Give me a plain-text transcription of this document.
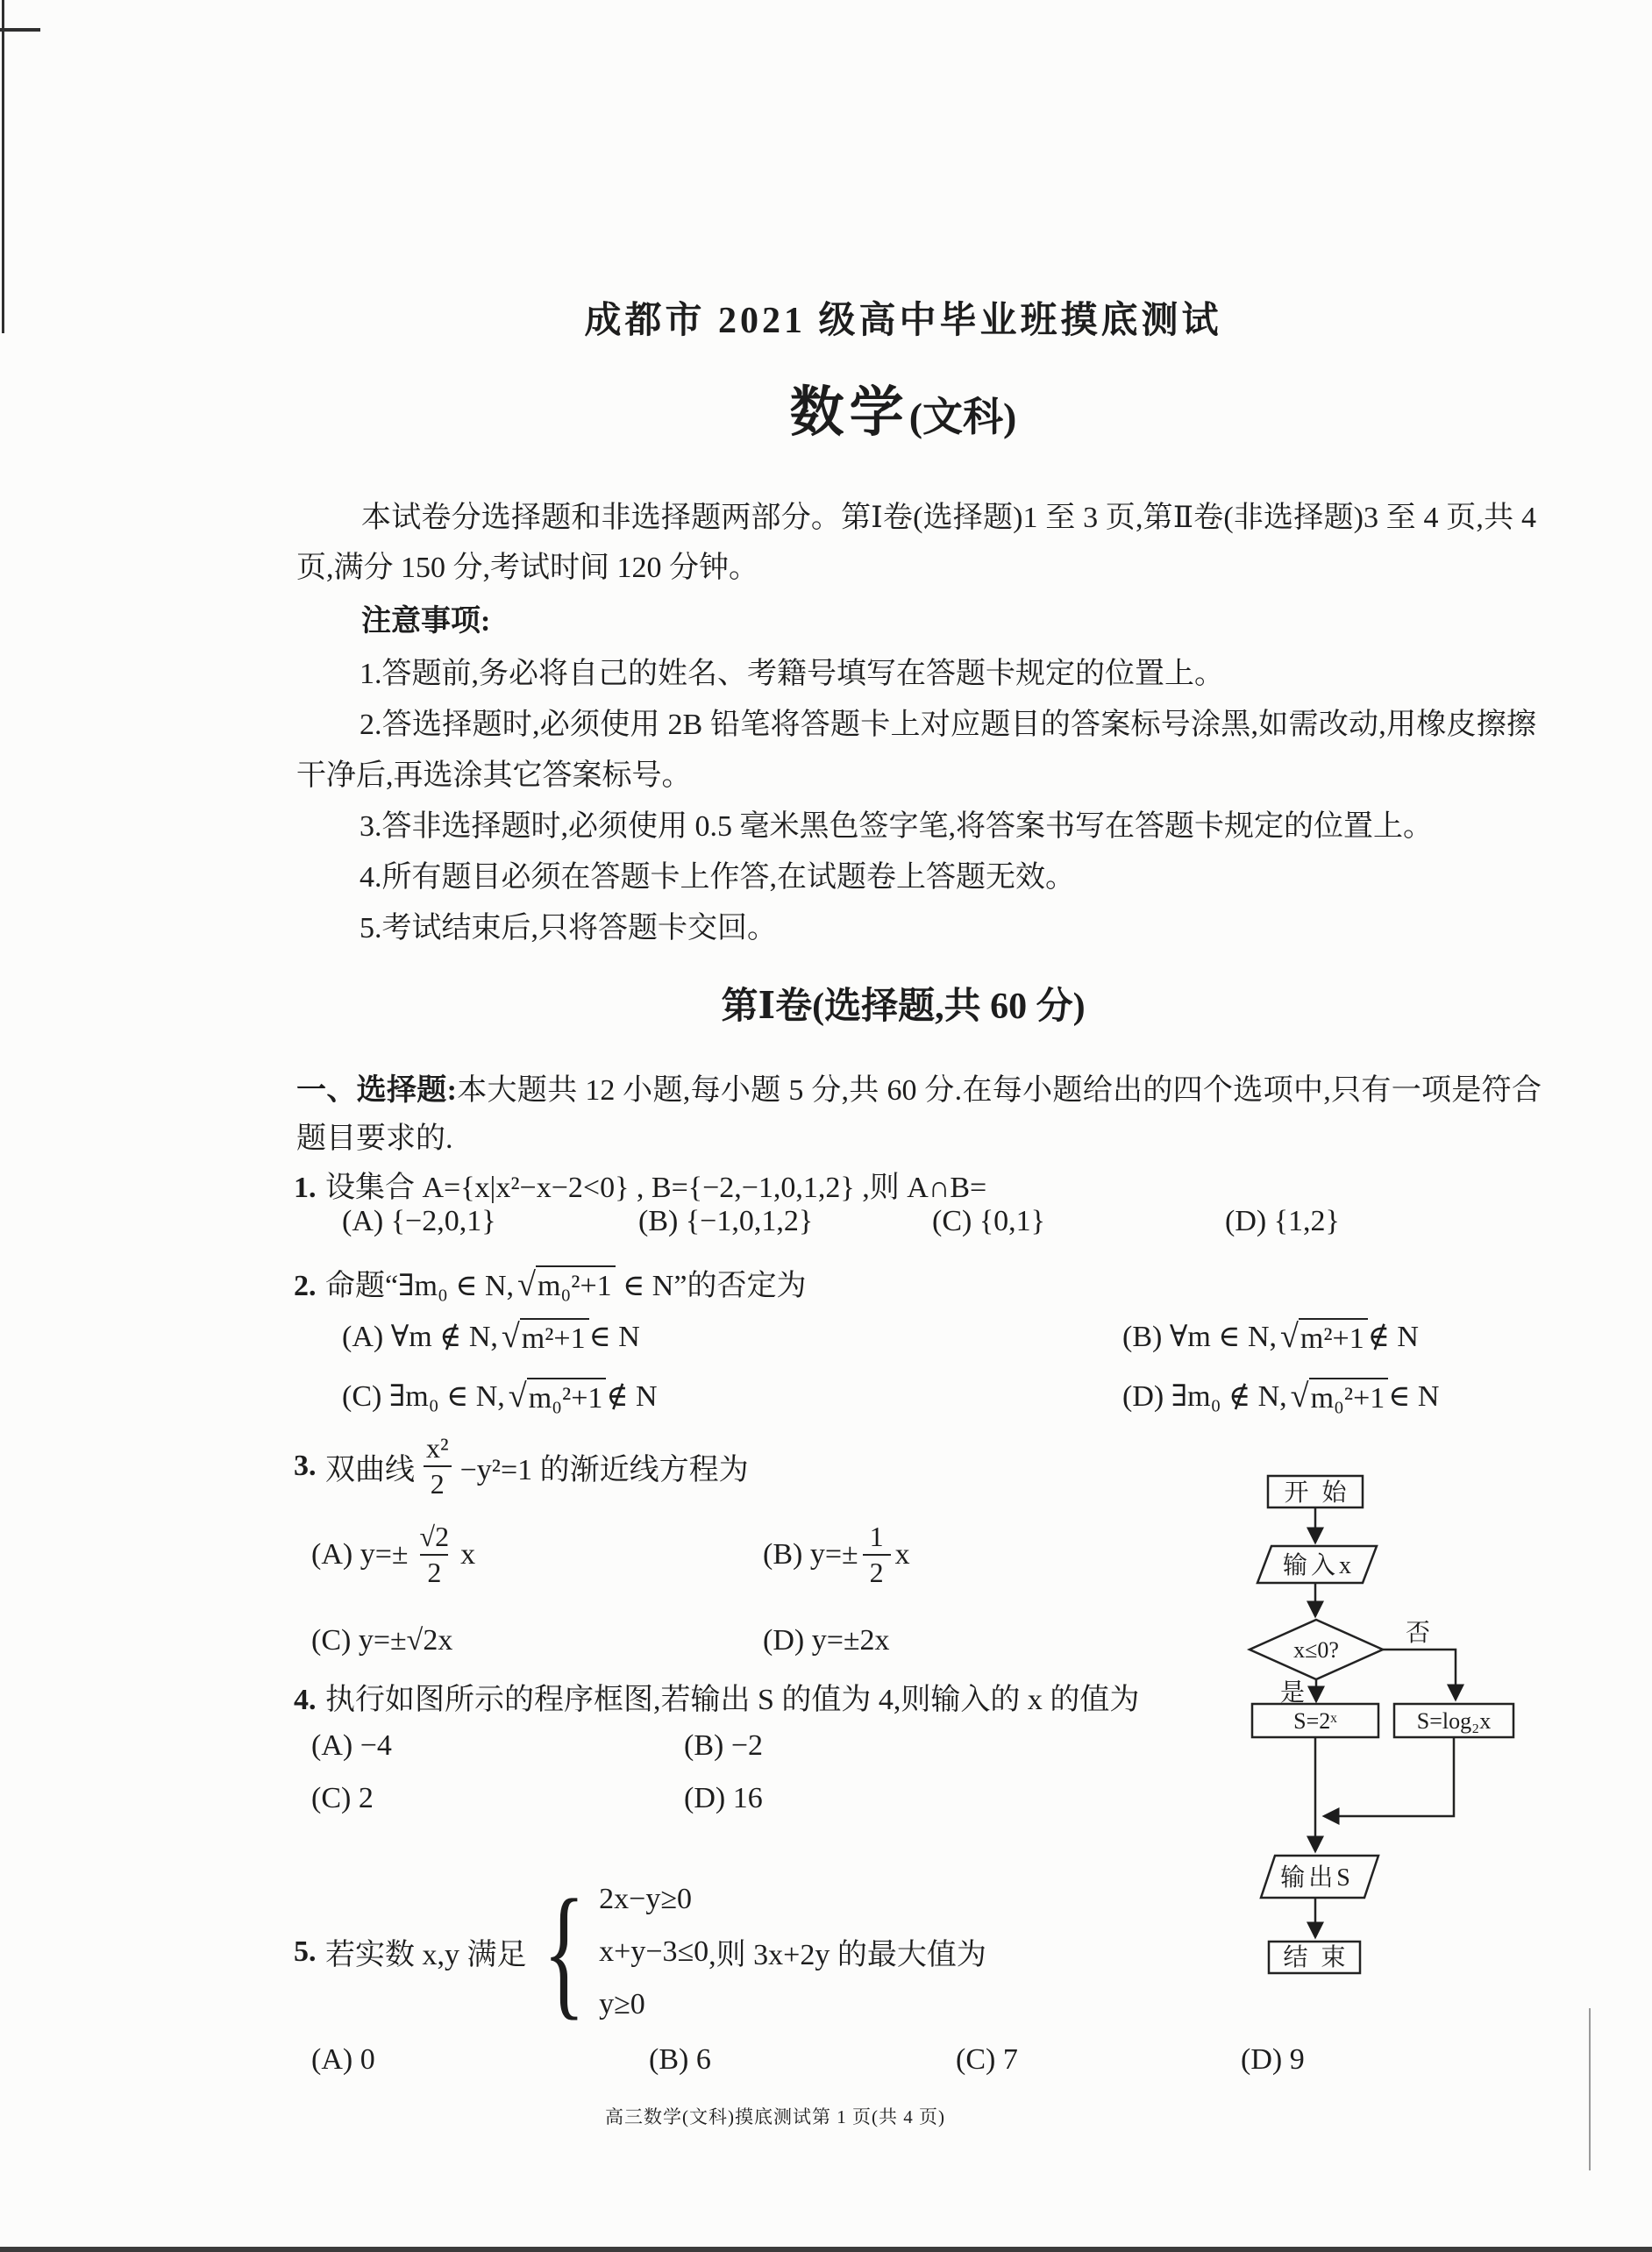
成都市 2021 级高中毕业班摸底测试
数学 (文科)
本试卷分选择题和非选择题两部分。第Ⅰ卷(选择题)1 至 3 页,第Ⅱ卷(非选择题)3 至 4 页,共 4 页,满分 150 分,考试时间 120 分钟。
注意事项:
1.答题前,务必将自己的姓名、考籍号填写在答题卡规定的位置上。
2.答选择题时,必须使用 2B 铅笔将答题卡上对应题目的答案标号涂黑,如需改动,用橡皮擦擦干净后,再选涂其它答案标号。
3.答非选择题时,必须使用 0.5 毫米黑色签字笔,将答案书写在答题卡规定的位置上。
4.所有题目必须在答题卡上作答,在试题卷上答题无效。
5.考试结束后,只将答题卡交回。
第Ⅰ卷(选择题,共 60 分)
一、选择题:本大题共 12 小题,每小题 5 分,共 60 分.在每小题给出的四个选项中,只有一项是符合题目要求的.
1. 设集合 A={x|x²−x−2<0} , B={−2,−1,0,1,2} ,则 A∩B=
(A) {−2,0,1}	(B) {−1,0,1,2}	(C) {0,1}	(D) {1,2}
2. 命题“∃m₀ ∈ N, √m₀²+1 ∈ N”的否定为
(A) ∀m ∉ N, √ m²+1 ∈ N	(B) ∀m ∈ N, √ m²+1 ∉ N
(C) ∃m₀ ∈ N, √ m₀²+1 ∉ N	(D) ∃m₀ ∉ N, √ m₀²+1 ∈ N
3. 双曲线 $\frac{\text{x²}}{2} -y^2=1$ 的渐近线方程为
(A) $y=\pm \frac{√2}{2}$ x	(B) $y=\pm \frac{1}{2}$ x
(C) y=±√2x	(D) y=±2x
4. 执行如图所示的程序框图,若输出 S 的值为 4,则输入的 x 的值为
(A) −4	(B) −2
(C) 2	(D) 16
5. 若实数 x,y 满足 { 2x−y≥0
x+y−3≤0
y≥0
,则 3x+2y 的最大值为
(A) 0	(B) 6	(C) 7	(D) 9
高三数学(文科)摸底测试第 1 页(共 4 页)
开 始
输入x
x≤0?
否
是
S=2ˣ	S=log₂x
输出S
结 束
